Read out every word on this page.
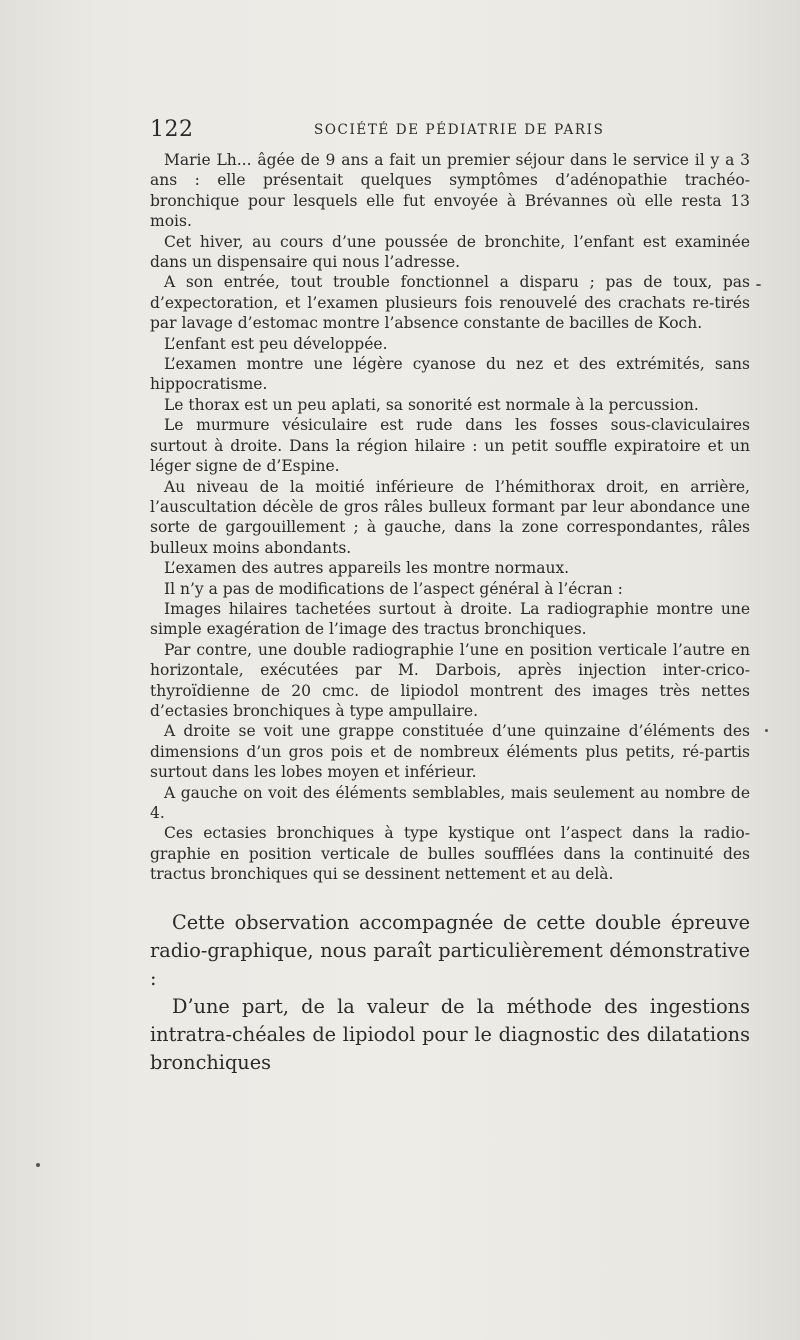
122	SOCIÉTÉ DE PÉDIATRIE DE PARIS

Marie Lh... âgée de 9 ans a fait un premier séjour dans le service il y a 3 ans : elle présentait quelques symptômes d’adénopathie trachéo-bronchique pour lesquels elle fut envoyée à Brévannes où elle resta 13 mois.

Cet hiver, au cours d’une poussée de bronchite, l’enfant est examinée dans un dispensaire qui nous l’adresse.

A son entrée, tout trouble fonctionnel a disparu ; pas de toux, pas d’expectoration, et l’examen plusieurs fois renouvelé des crachats re-tirés par lavage d’estomac montre l’absence constante de bacilles de Koch.

L’enfant est peu développée.

L’examen montre une légère cyanose du nez et des extrémités, sans hippocratisme.

Le thorax est un peu aplati, sa sonorité est normale à la percussion.

Le murmure vésiculaire est rude dans les fosses sous-claviculaires surtout à droite. Dans la région hilaire : un petit souffle expiratoire et un léger signe de d’Espine.

Au niveau de la moitié inférieure de l’hémithorax droit, en arrière, l’auscultation décèle de gros râles bulleux formant par leur abondance une sorte de gargouillement ; à gauche, dans la zone correspondantes, râles bulleux moins abondants.

L’examen des autres appareils les montre normaux.

Il n’y a pas de modifications de l’aspect général à l’écran :

Images hilaires tachetées surtout à droite. La radiographie montre une simple exagération de l’image des tractus bronchiques.

Par contre, une double radiographie l’une en position verticale l’autre en horizontale, exécutées par M. Darbois, après injection inter-crico-thyroïdienne de 20 cmc. de lipiodol montrent des images très nettes d’ectasies bronchiques à type ampullaire.

A droite se voit une grappe constituée d’une quinzaine d’éléments des dimensions d’un gros pois et de nombreux éléments plus petits, ré-partis surtout dans les lobes moyen et inférieur.

A gauche on voit des éléments semblables, mais seulement au nombre de 4.

Ces ectasies bronchiques à type kystique ont l’aspect dans la radio-graphie en position verticale de bulles soufflées dans la continuité des tractus bronchiques qui se dessinent nettement et au delà.

Cette observation accompagnée de cette double épreuve radio-graphique, nous paraît particulièrement démonstrative :

D’une part, de la valeur de la méthode des ingestions intratra-chéales de lipiodol pour le diagnostic des dilatations bronchiques
